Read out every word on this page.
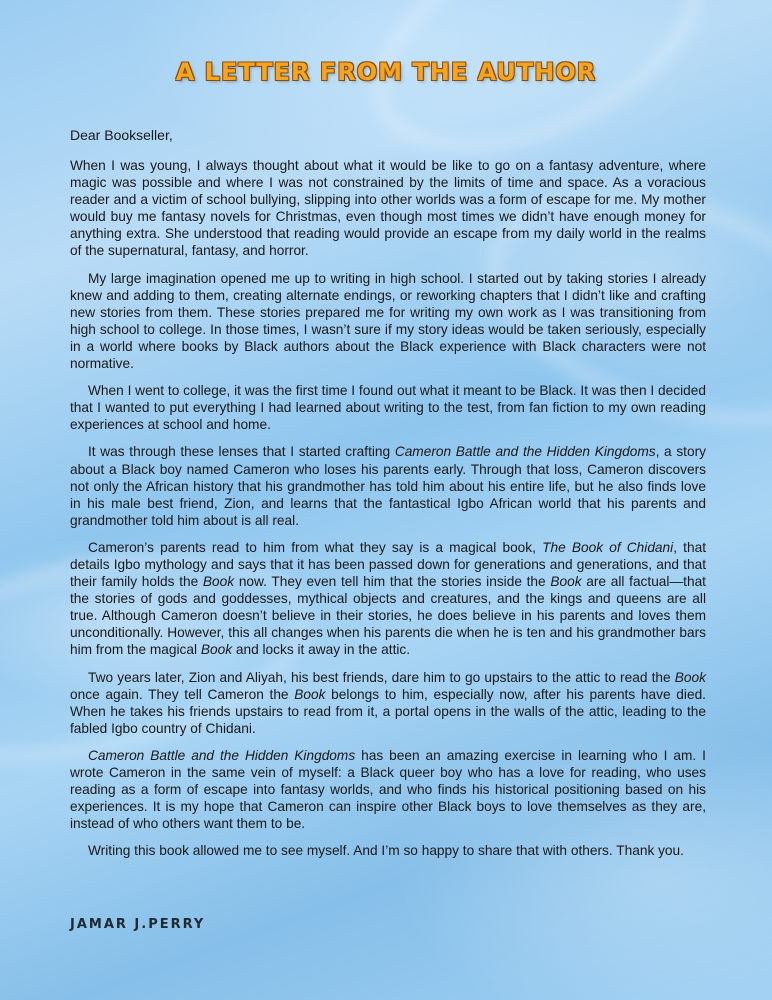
A LETTER FROM THE AUTHOR
Dear Bookseller,

When I was young, I always thought about what it would be like to go on a fantasy adventure, where magic was possible and where I was not constrained by the limits of time and space. As a voracious reader and a victim of school bullying, slipping into other worlds was a form of escape for me. My mother would buy me fantasy novels for Christmas, even though most times we didn’t have enough money for anything extra. She understood that reading would provide an escape from my daily world in the realms of the supernatural, fantasy, and horror.

My large imagination opened me up to writing in high school. I started out by taking stories I already knew and adding to them, creating alternate endings, or reworking chapters that I didn’t like and crafting new stories from them. These stories prepared me for writing my own work as I was transitioning from high school to college. In those times, I wasn’t sure if my story ideas would be taken seriously, especially in a world where books by Black authors about the Black experience with Black characters were not normative.

When I went to college, it was the first time I found out what it meant to be Black. It was then I decided that I wanted to put everything I had learned about writing to the test, from fan fiction to my own reading experiences at school and home.

It was through these lenses that I started crafting Cameron Battle and the Hidden Kingdoms, a story about a Black boy named Cameron who loses his parents early. Through that loss, Cameron discovers not only the African history that his grandmother has told him about his entire life, but he also finds love in his male best friend, Zion, and learns that the fantastical Igbo African world that his parents and grandmother told him about is all real.

Cameron’s parents read to him from what they say is a magical book, The Book of Chidani, that details Igbo mythology and says that it has been passed down for generations and generations, and that their family holds the Book now. They even tell him that the stories inside the Book are all factual—that the stories of gods and goddesses, mythical objects and creatures, and the kings and queens are all true. Although Cameron doesn’t believe in their stories, he does believe in his parents and loves them unconditionally. However, this all changes when his parents die when he is ten and his grandmother bars him from the magical Book and locks it away in the attic.

Two years later, Zion and Aliyah, his best friends, dare him to go upstairs to the attic to read the Book once again. They tell Cameron the Book belongs to him, especially now, after his parents have died. When he takes his friends upstairs to read from it, a portal opens in the walls of the attic, leading to the fabled Igbo country of Chidani.

Cameron Battle and the Hidden Kingdoms has been an amazing exercise in learning who I am. I wrote Cameron in the same vein of myself: a Black queer boy who has a love for reading, who uses reading as a form of escape into fantasy worlds, and who finds his historical positioning based on his experiences. It is my hope that Cameron can inspire other Black boys to love themselves as they are, instead of who others want them to be.

Writing this book allowed me to see myself. And I’m so happy to share that with others. Thank you.

JAMAR J.PERRY
